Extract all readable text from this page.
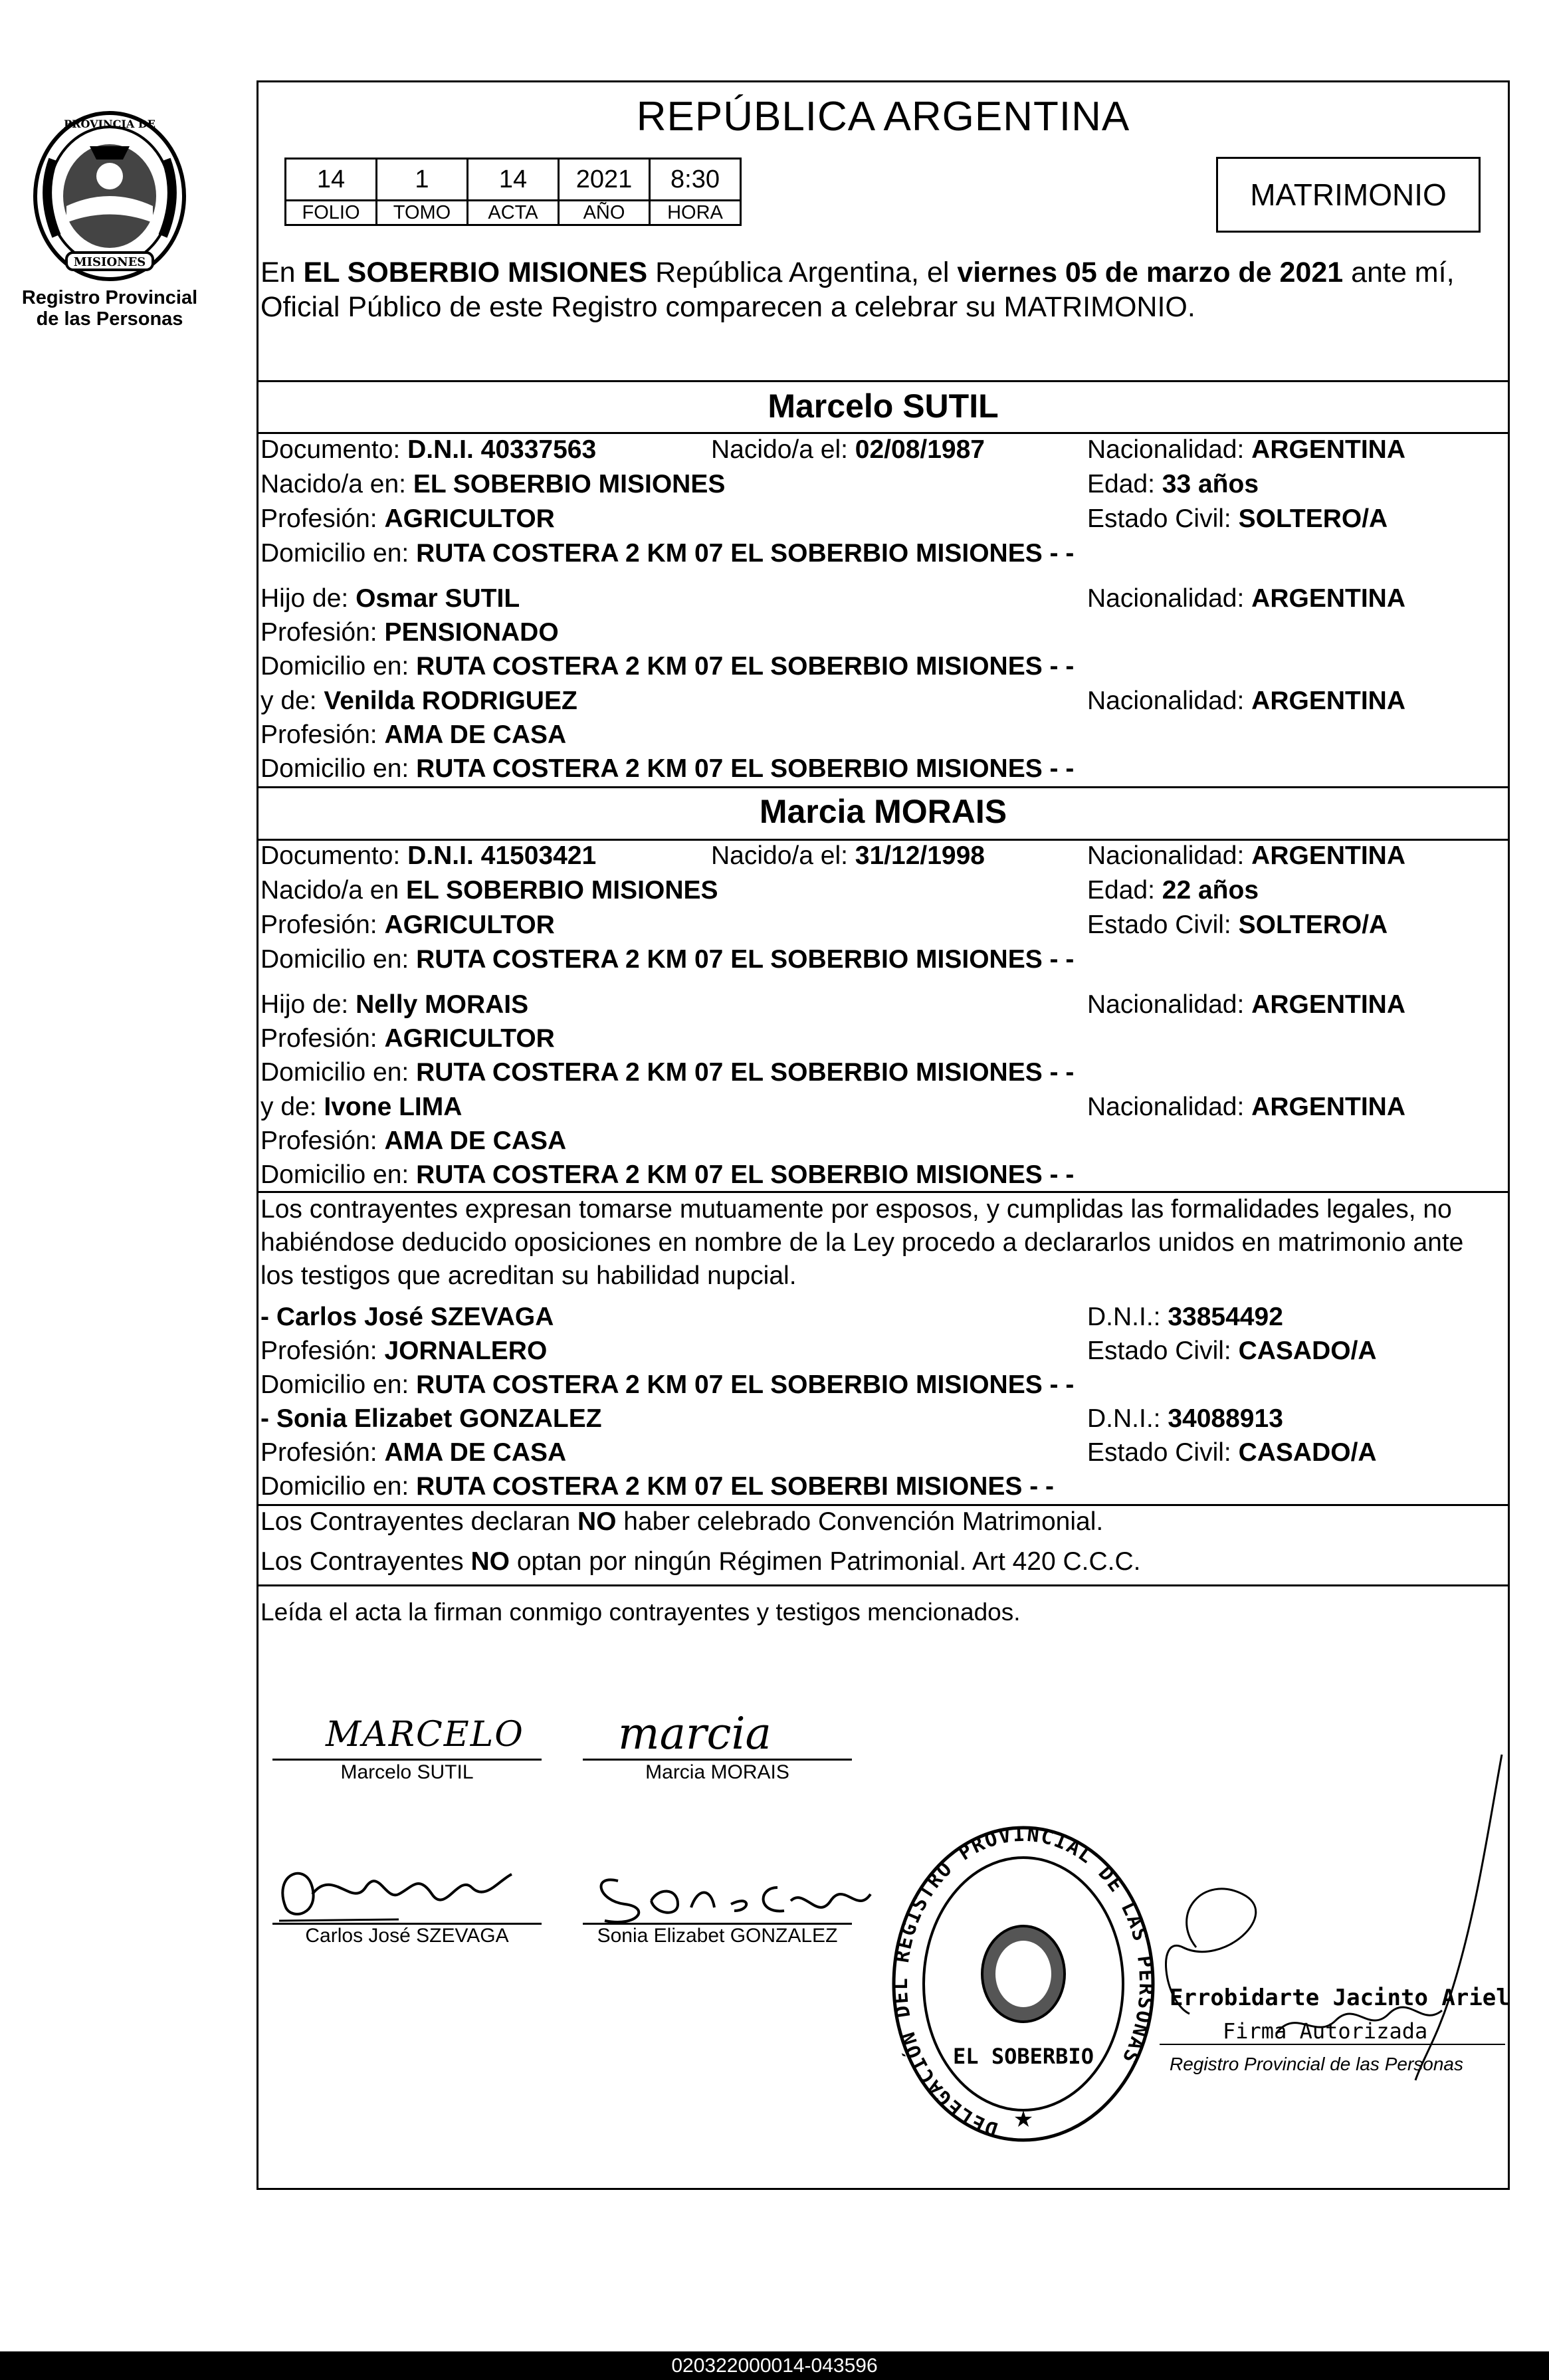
MISIONES
PROVINCIA DE
Registro Provincial
de las Personas
REPÚBLICA ARGENTINA
14	1	14	2021	8:30
FOLIO	TOMO	ACTA	AÑO	HORA
MATRIMONIO
En EL SOBERBIO MISIONES República Argentina, el viernes 05 de marzo de 2021 ante mí, Oficial Público de este Registro comparecen a celebrar su MATRIMONIO.
Marcelo SUTIL
Documento: D.N.I. 40337563	Nacido/a el: 02/08/1987	Nacionalidad: ARGENTINA
Nacido/a en: EL SOBERBIO MISIONES	Edad: 33 años
Profesión: AGRICULTOR	Estado Civil: SOLTERO/A
Domicilio en: RUTA COSTERA 2 KM 07 EL SOBERBIO MISIONES - -
Hijo de: Osmar SUTIL	Nacionalidad: ARGENTINA
Profesión: PENSIONADO
Domicilio en: RUTA COSTERA 2 KM 07 EL SOBERBIO MISIONES - -
y de: Venilda RODRIGUEZ	Nacionalidad: ARGENTINA
Profesión: AMA DE CASA
Domicilio en: RUTA COSTERA 2 KM 07 EL SOBERBIO MISIONES - -
Marcia MORAIS
Documento: D.N.I. 41503421	Nacido/a el: 31/12/1998	Nacionalidad: ARGENTINA
Nacido/a en EL SOBERBIO MISIONES	Edad: 22 años
Profesión: AGRICULTOR	Estado Civil: SOLTERO/A
Domicilio en: RUTA COSTERA 2 KM 07 EL SOBERBIO MISIONES - -
Hijo de: Nelly MORAIS	Nacionalidad: ARGENTINA
Profesión: AGRICULTOR
Domicilio en: RUTA COSTERA 2 KM 07 EL SOBERBIO MISIONES - -
y de: Ivone LIMA	Nacionalidad: ARGENTINA
Profesión: AMA DE CASA
Domicilio en: RUTA COSTERA 2 KM 07 EL SOBERBIO MISIONES - -
Los contrayentes expresan tomarse mutuamente por esposos, y cumplidas las formalidades legales, no
habiéndose deducido oposiciones en nombre de la Ley procedo a declararlos unidos en matrimonio ante
los testigos que acreditan su habilidad nupcial.
- Carlos José SZEVAGA	D.N.I.: 33854492
Profesión: JORNALERO	Estado Civil: CASADO/A
Domicilio en: RUTA COSTERA 2 KM 07 EL SOBERBIO MISIONES - -
- Sonia Elizabet GONZALEZ	D.N.I.: 34088913
Profesión: AMA DE CASA	Estado Civil: CASADO/A
Domicilio en: RUTA COSTERA 2 KM 07 EL SOBERBI MISIONES - -
Los Contrayentes declaran NO haber celebrado Convención Matrimonial.
Los Contrayentes NO optan por ningún Régimen Patrimonial. Art 420 C.C.C.
Leída el acta la firman conmigo contrayentes y testigos mencionados.
MARCELO
Marcelo SUTIL
marcia
Marcia MORAIS
Carlos José SZEVAGA	Sonia Elizabet GONZALEZ
DELEGACIÓN DEL REGISTRO PROVINCIAL DE LAS PERSONAS
EL SOBERBIO
★
Errobidarte Jacinto Ariel
Firma Autorizada
Registro Provincial de las Personas
020322000014-043596
